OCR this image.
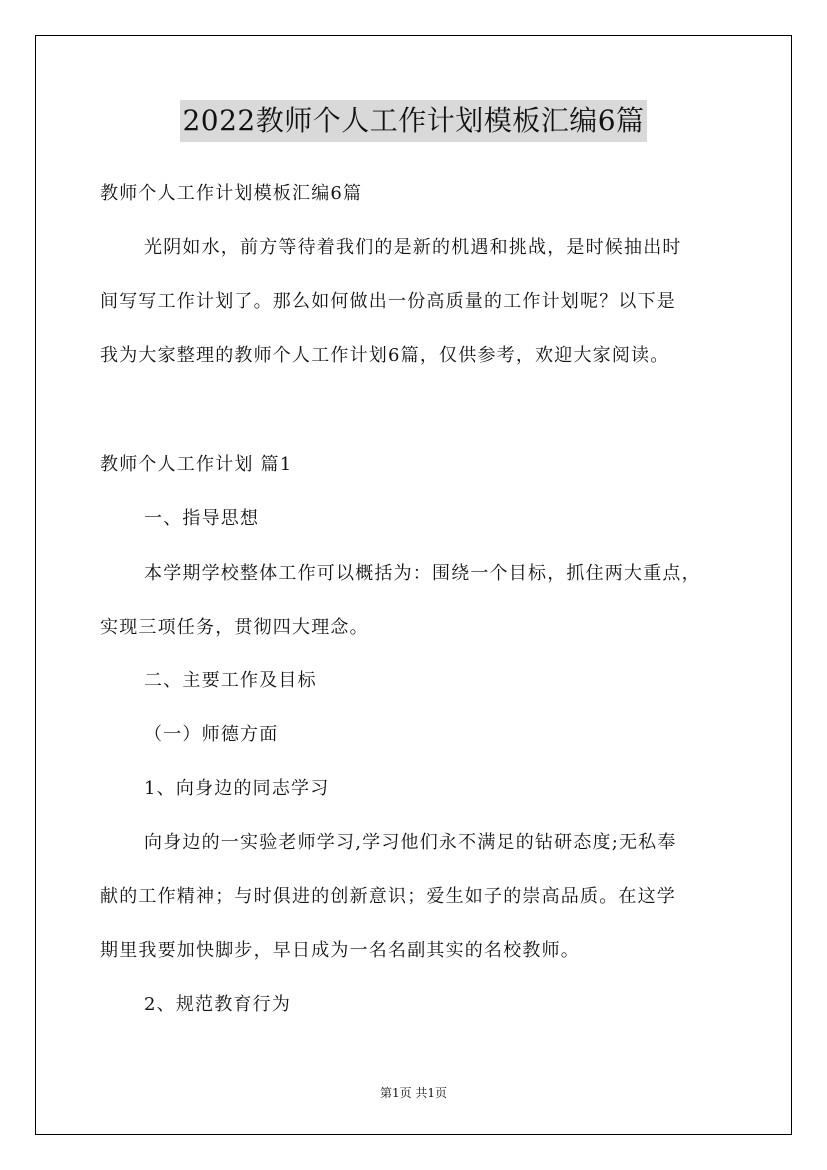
2022教师个人工作计划模板汇编6篇
教师个人工作计划模板汇编6篇
光阴如水，前方等待着我们的是新的机遇和挑战，是时候抽出时
间写写工作计划了。那么如何做出一份高质量的工作计划呢？以下是
我为大家整理的教师个人工作计划6篇，仅供参考，欢迎大家阅读。
教师个人工作计划 篇1
一、指导思想
本学期学校整体工作可以概括为：围绕一个目标，抓住两大重点，
实现三项任务，贯彻四大理念。
二、主要工作及目标
（一）师德方面
1、向身边的同志学习
向身边的一实验老师学习,学习他们永不满足的钻研态度;无私奉
献的工作精神；与时俱进的创新意识；爱生如子的崇高品质。在这学
期里我要加快脚步，早日成为一名名副其实的名校教师。
2、规范教育行为
第1页 共1页
